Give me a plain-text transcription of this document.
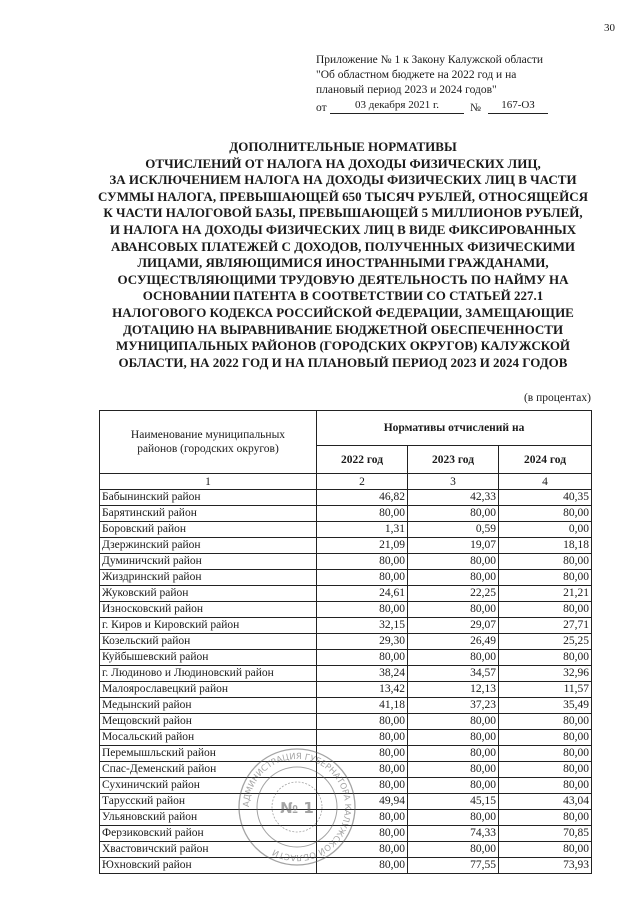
30
Приложение № 1 к Закону Калужской области
"Об областном бюджете на 2022 год и на
плановый период 2023 и 2024 годов"
от	03 декабря 2021 г.	№	167-ОЗ
ДОПОЛНИТЕЛЬНЫЕ НОРМАТИВЫ
ОТЧИСЛЕНИЙ ОТ НАЛОГА НА ДОХОДЫ ФИЗИЧЕСКИХ ЛИЦ,
ЗА ИСКЛЮЧЕНИЕМ НАЛОГА НА ДОХОДЫ ФИЗИЧЕСКИХ ЛИЦ В ЧАСТИ
СУММЫ НАЛОГА, ПРЕВЫШАЮЩЕЙ 650 ТЫСЯЧ РУБЛЕЙ, ОТНОСЯЩЕЙСЯ
К ЧАСТИ НАЛОГОВОЙ БАЗЫ, ПРЕВЫШАЮЩЕЙ 5 МИЛЛИОНОВ РУБЛЕЙ,
И НАЛОГА НА ДОХОДЫ ФИЗИЧЕСКИХ ЛИЦ В ВИДЕ ФИКСИРОВАННЫХ
АВАНСОВЫХ ПЛАТЕЖЕЙ С ДОХОДОВ, ПОЛУЧЕННЫХ ФИЗИЧЕСКИМИ
ЛИЦАМИ, ЯВЛЯЮЩИМИСЯ ИНОСТРАННЫМИ ГРАЖДАНАМИ,
ОСУЩЕСТВЛЯЮЩИМИ ТРУДОВУЮ ДЕЯТЕЛЬНОСТЬ ПО НАЙМУ НА
ОСНОВАНИИ ПАТЕНТА В СООТВЕТСТВИИ СО СТАТЬЕЙ 227.1
НАЛОГОВОГО КОДЕКСА РОССИЙСКОЙ ФЕДЕРАЦИИ, ЗАМЕЩАЮЩИЕ
ДОТАЦИЮ НА ВЫРАВНИВАНИЕ БЮДЖЕТНОЙ ОБЕСПЕЧЕННОСТИ
МУНИЦИПАЛЬНЫХ РАЙОНОВ (ГОРОДСКИХ ОКРУГОВ) КАЛУЖСКОЙ
ОБЛАСТИ, НА 2022 ГОД И НА ПЛАНОВЫЙ ПЕРИОД 2023 И 2024 ГОДОВ
(в процентах)
Наименование муниципальных
районов (городских округов)	Нормативы отчислений на		
	2022 год	2023 год	2024 год
1	2	3	4
Бабынинский район	46,82	42,33	40,35
Барятинский район	80,00	80,00	80,00
Боровский район	1,31	0,59	0,00
Дзержинский район	21,09	19,07	18,18
Думиничский район	80,00	80,00	80,00
Жиздринский район	80,00	80,00	80,00
Жуковский район	24,61	22,25	21,21
Износковский район	80,00	80,00	80,00
г. Киров и Кировский район	32,15	29,07	27,71
Козельский район	29,30	26,49	25,25
Куйбышевский район	80,00	80,00	80,00
г. Людиново и Людиновский район	38,24	34,57	32,96
Малоярославецкий район	13,42	12,13	11,57
Медынский район	41,18	37,23	35,49
Мещовский район	80,00	80,00	80,00
Мосальский район	80,00	80,00	80,00
Перемышльский район	80,00	80,00	80,00
Спас-Деменский район	80,00	80,00	80,00
Сухиничский район	80,00	80,00	80,00
Тарусский район	49,94	45,15	43,04
Ульяновский район	80,00	80,00	80,00
Ферзиковский район	80,00	74,33	70,85
Хвастовичский район	80,00	80,00	80,00
Юхновский район	80,00	77,55	73,93
АДМИНИСТРАЦИЯ ГУБЕРНАТОРА КАЛУЖСКОЙ ОБЛАСТИ
№ 1
